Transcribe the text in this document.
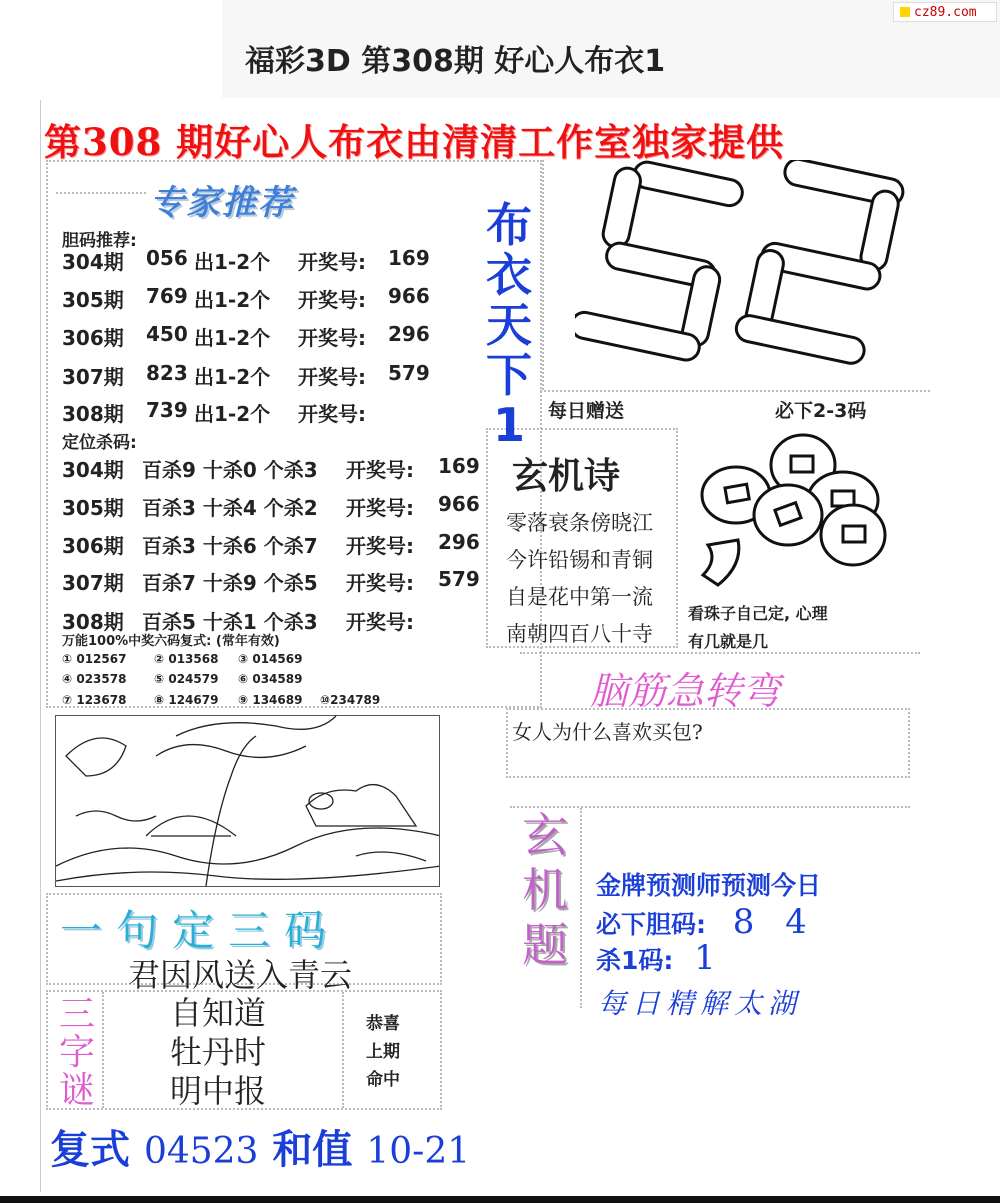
福彩3D 第308期 好心人布衣1
cz89.com
第308 期好心人布衣由清清工作室独家提供
专家推荐
胆码推荐:
304期	056 出1-2个	开奖号:	169
305期	769 出1-2个	开奖号:	966
306期	450 出1-2个	开奖号:	296
307期	823 出1-2个	开奖号:	579
308期	739 出1-2个	开奖号:
定位杀码:
304期 百杀9 十杀0 个杀3	开奖号:	169
305期 百杀3 十杀4 个杀2	开奖号:	966
306期 百杀3 十杀6 个杀7	开奖号:	296
307期 百杀7 十杀9 个杀5	开奖号:	579
308期 百杀5 十杀1 个杀3	开奖号:
万能100%中奖六码复式: (常年有效)
① 012567 ② 013568 ③ 014569
④ 023578 ⑤ 024579 ⑥ 034589
⑦ 123678 ⑧ 124679 ⑨ 134689 ⑩234789
布
衣
天
下
1	每日赠送	必下2-3码
玄机诗
零落衰条傍晓江
今许铅锡和青铜
自是花中第一流
南朝四百八十寺
看珠子自己定, 心理
有几就是几
脑筋急转弯
女人为什么喜欢买包?
玄
机
题
金牌预测师预测今日
必下胆码: 8 4
杀1码: 1
每日精解太湖
一句定三码
君因风送入青云
三
字
谜
自知道
牡丹时
明中报
恭喜
上期
命中
复式 04523 和值 10-21
